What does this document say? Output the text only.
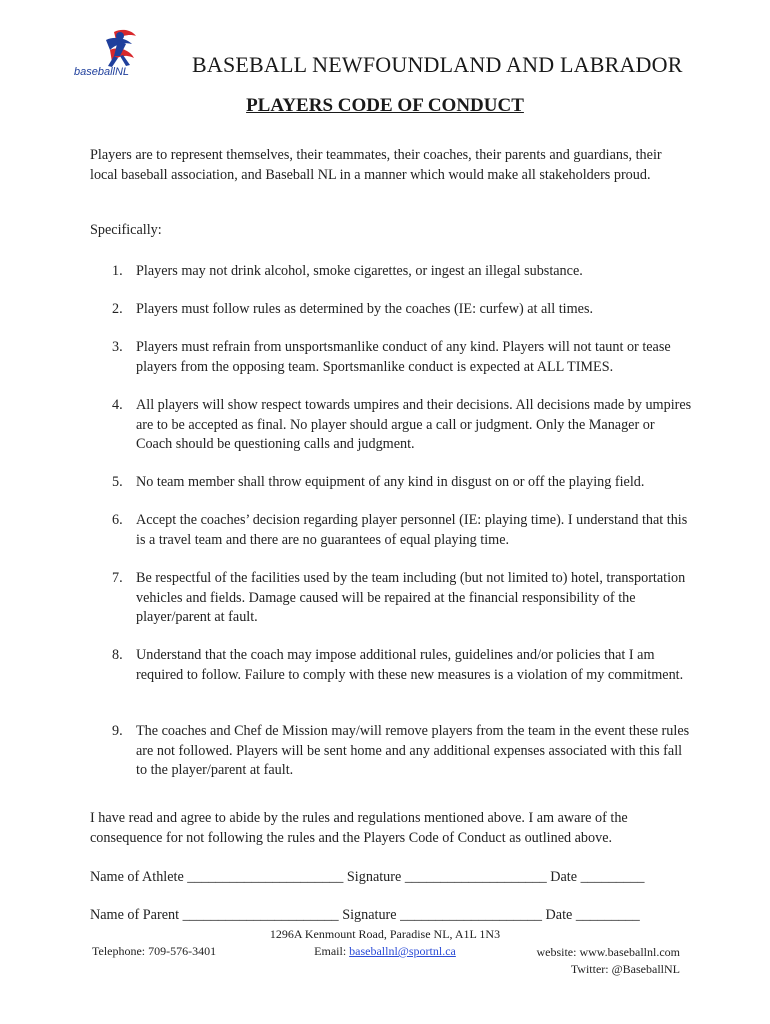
baseballNL	BASEBALL NEWFOUNDLAND AND LABRADOR
PLAYERS CODE OF CONDUCT
Players are to represent themselves, their teammates, their coaches, their parents and guardians, their local baseball association, and Baseball NL in a manner which would make all stakeholders proud.
Specifically:
1. Players may not drink alcohol, smoke cigarettes, or ingest an illegal substance.
2. Players must follow rules as determined by the coaches (IE: curfew) at all times.
3. Players must refrain from unsportsmanlike conduct of any kind. Players will not taunt or tease players from the opposing team. Sportsmanlike conduct is expected at ALL TIMES.
4. All players will show respect towards umpires and their decisions. All decisions made by umpires are to be accepted as final. No player should argue a call or judgment. Only the Manager or Coach should be questioning calls and judgment.
5. No team member shall throw equipment of any kind in disgust on or off the playing field.
6. Accept the coaches’ decision regarding player personnel (IE: playing time). I understand that this is a travel team and there are no guarantees of equal playing time.
7. Be respectful of the facilities used by the team including (but not limited to) hotel, transportation vehicles and fields. Damage caused will be repaired at the financial responsibility of the player/parent at fault.
8. Understand that the coach may impose additional rules, guidelines and/or policies that I am required to follow. Failure to comply with these new measures is a violation of my commitment.
9. The coaches and Chef de Mission may/will remove players from the team in the event these rules are not followed. Players will be sent home and any additional expenses associated with this fall to the player/parent at fault.
I have read and agree to abide by the rules and regulations mentioned above. I am aware of the consequence for not following the rules and the Players Code of Conduct as outlined above.
Name of Athlete ______________________ Signature ____________________ Date _________
Name of Parent ______________________ Signature ____________________ Date _________
1296A Kenmount Road, Paradise NL, A1L 1N3
Telephone: 709-576-3401	Email: baseballnl@sportnl.ca	website: www.baseballnl.com
Twitter: @BaseballNL
